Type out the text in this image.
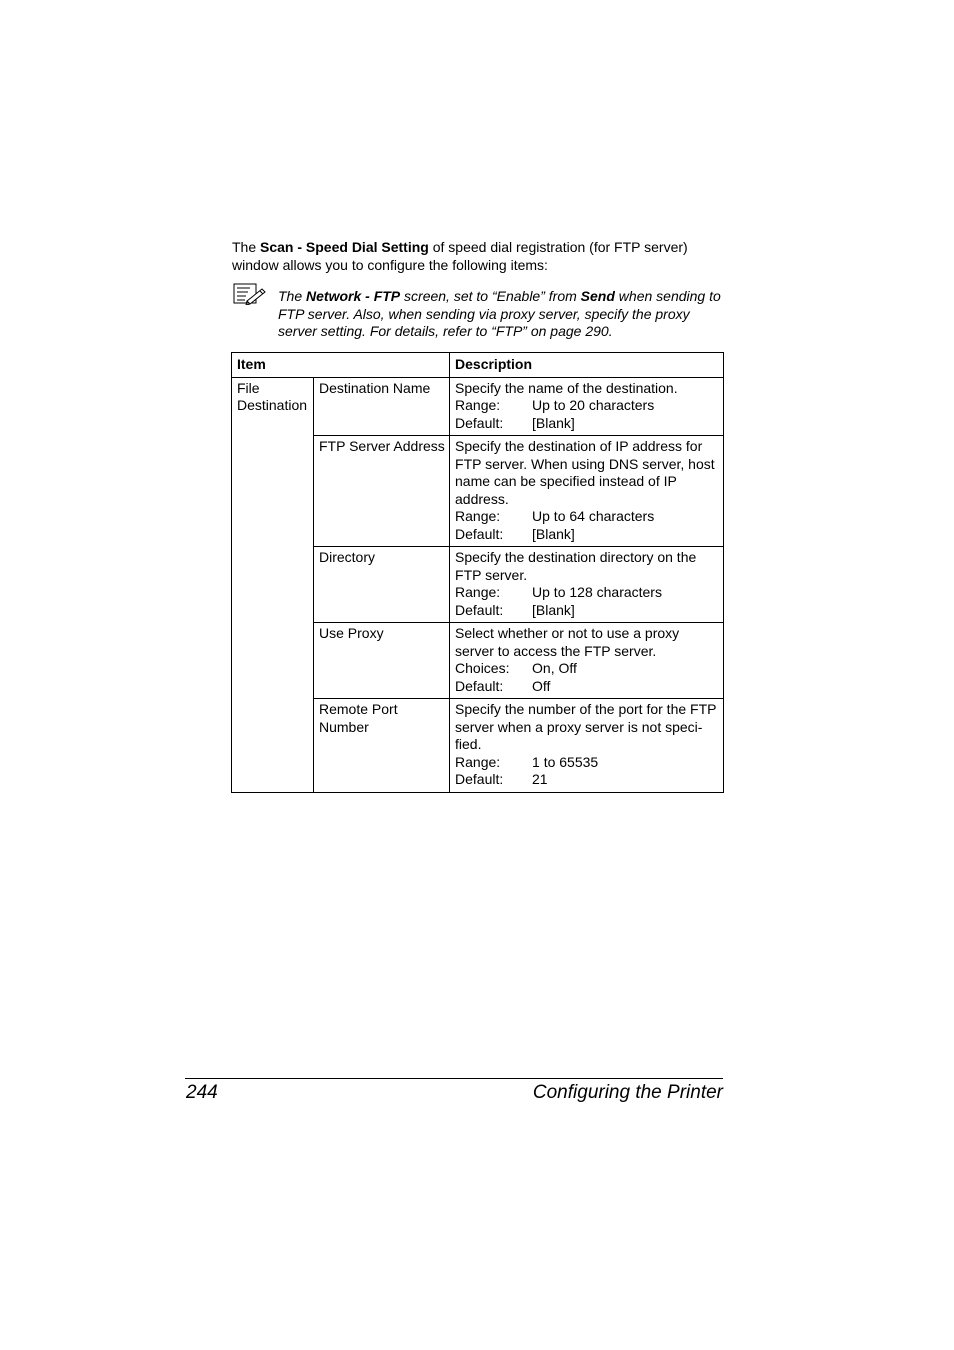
The Scan - Speed Dial Setting of speed dial registration (for FTP server) window allows you to configure the following items:
The Network - FTP screen, set to “Enable” from Send when sending to FTP server. Also, when sending via proxy server, specify the proxy server setting. For details, refer to “FTP” on page 290.
Item		Description
File Destination	Destination Name	Specify the name of the destination.
Range: Up to 20 characters
Default: [Blank]

	FTP Server Address	Specify the destination of IP address for FTP server. When using DNS server, host name can be specified instead of IP address.
Range: Up to 64 characters
Default: [Blank]

	Directory	Specify the destination directory on the FTP server.
Range: Up to 128 characters
Default: [Blank]

	Use Proxy	Select whether or not to use a proxy server to access the FTP server.
Choices: On, Off
Default: Off

	Remote Port Number	Specify the number of the port for the FTP server when a proxy server is not speci-fied.
Range: 1 to 65535
Default: 21
244	Configuring the Printer
